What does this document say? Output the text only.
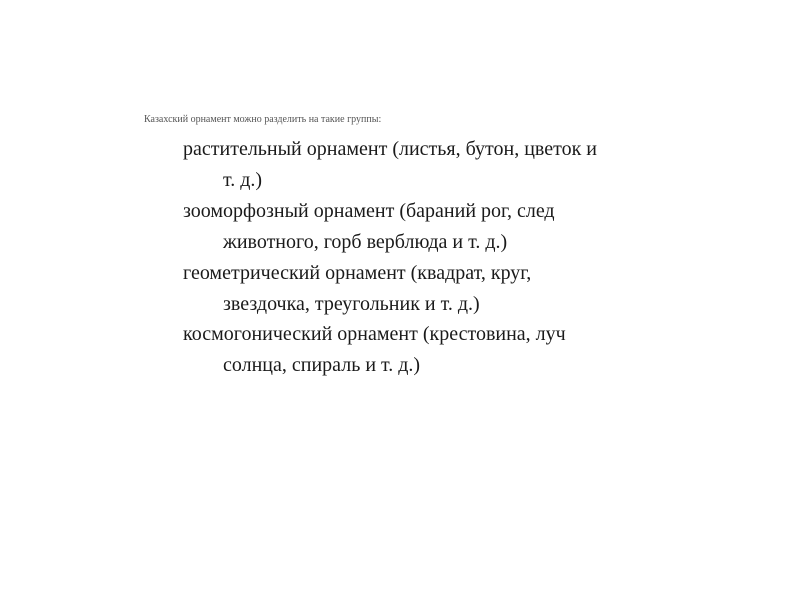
Казахский орнамент можно разделить на такие группы:

растительный орнамент (листья, бутон, цветок и т. д.)
зооморфозный орнамент (бараний рог, след животного, горб верблюда и т. д.)
геометрический орнамент (квадрат, круг, звездочка, треугольник и т. д.)
космогонический орнамент (крестовина, луч солнца, спираль и т. д.)
